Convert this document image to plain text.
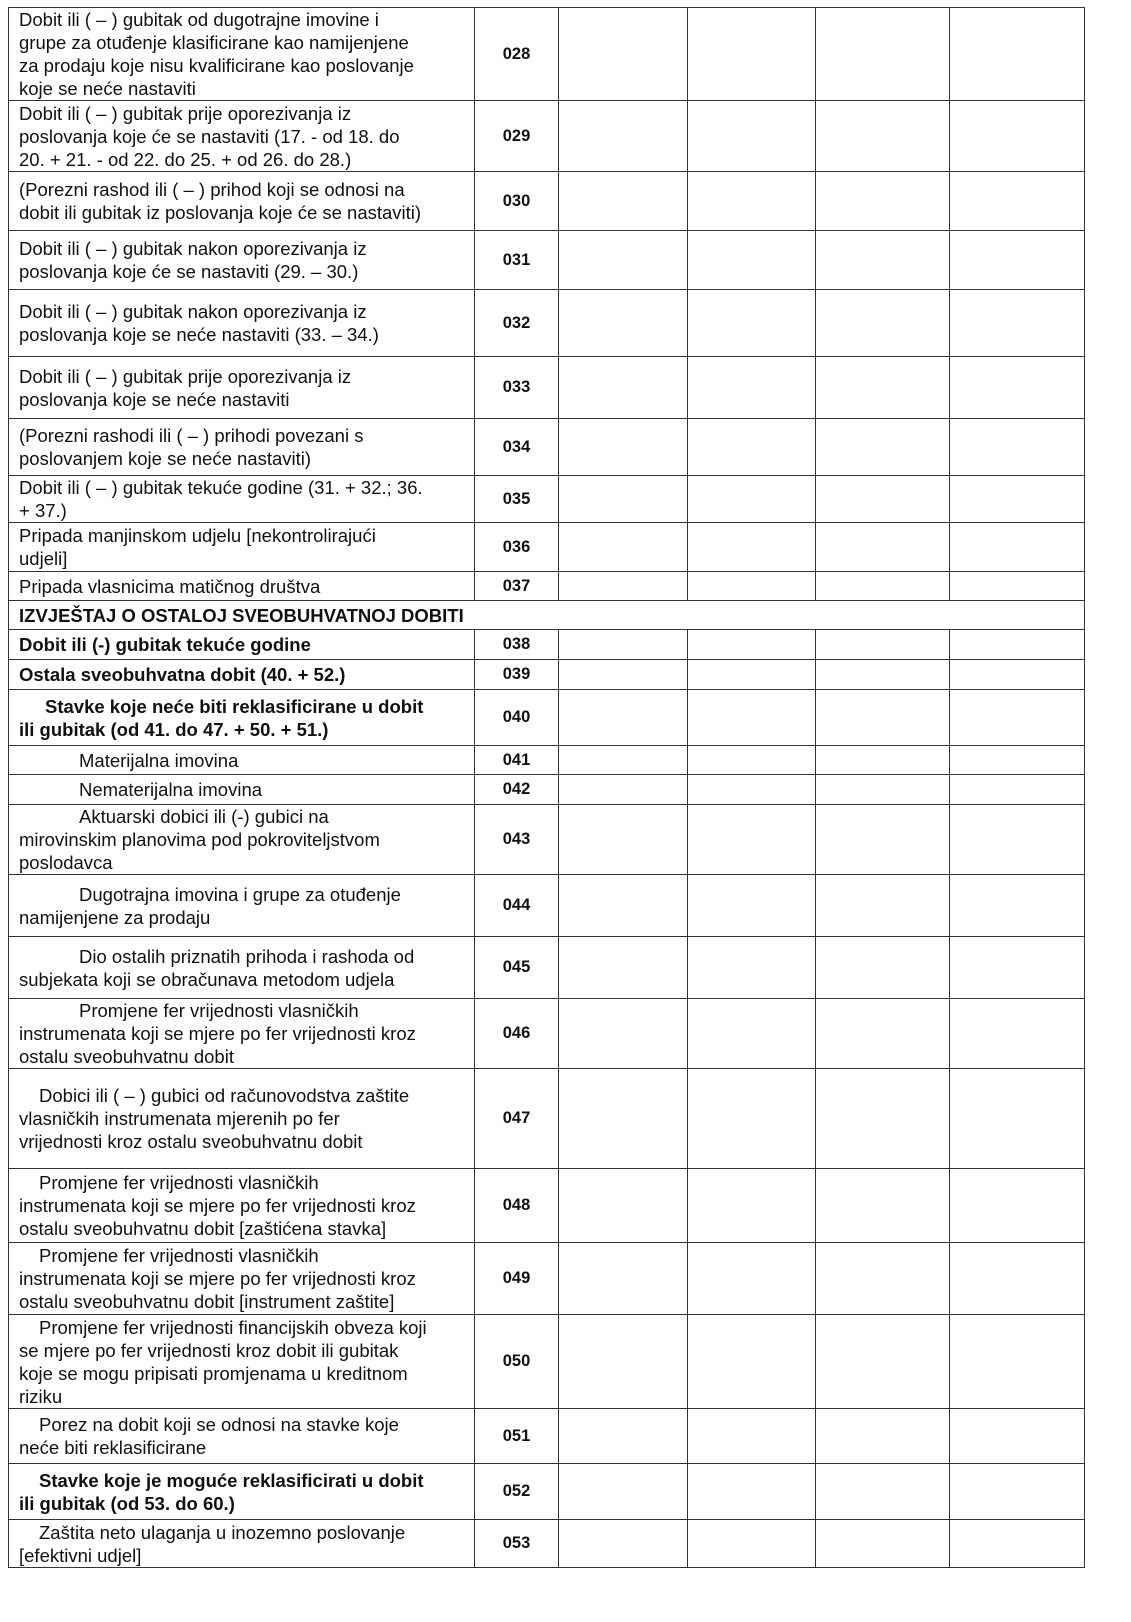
Dobit ili ( – ) gubitak od dugotrajne imovine i
grupe za otuđenje klasificirane kao namijenjene
za prodaju koje nisu kvalificirane kao poslovanje
koje se neće nastaviti	028				
Dobit ili ( – ) gubitak prije oporezivanja iz
poslovanja koje će se nastaviti (17. - od 18. do
20. + 21. - od 22. do 25. + od 26. do 28.)	029				
(Porezni rashod ili ( – ) prihod koji se odnosi na
dobit ili gubitak iz poslovanja koje će se nastaviti)	030				
Dobit ili ( – ) gubitak nakon oporezivanja iz
poslovanja koje će se nastaviti (29. – 30.)	031				
Dobit ili ( – ) gubitak nakon oporezivanja iz
poslovanja koje se neće nastaviti (33. – 34.)	032				
Dobit ili ( – ) gubitak prije oporezivanja iz
poslovanja koje se neće nastaviti	033				
(Porezni rashodi ili ( – ) prihodi povezani s
poslovanjem koje se neće nastaviti)	034				
Dobit ili ( – ) gubitak tekuće godine (31. + 32.; 36.
+ 37.)	035				
Pripada manjinskom udjelu [nekontrolirajući
udjeli]	036				
Pripada vlasnicima matičnog društva	037				
IZVJEŠTAJ O OSTALOJ SVEOBUHVATNOJ DOBITI					
Dobit ili (-) gubitak tekuće godine	038				
Ostala sveobuhvatna dobit (40. + 52.)	039				
Stavke koje neće biti reklasificirane u dobit
ili gubitak (od 41. do 47. + 50. + 51.)	040				
Materijalna imovina	041				
Nematerijalna imovina	042				
Aktuarski dobici ili (-) gubici na
mirovinskim planovima pod pokroviteljstvom
poslodavca	043				
Dugotrajna imovina i grupe za otuđenje
namijenjene za prodaju	044				
Dio ostalih priznatih prihoda i rashoda od
subjekata koji se obračunava metodom udjela	045				
Promjene fer vrijednosti vlasničkih
instrumenata koji se mjere po fer vrijednosti kroz
ostalu sveobuhvatnu dobit	046				
Dobici ili ( – ) gubici od računovodstva zaštite
vlasničkih instrumenata mjerenih po fer
vrijednosti kroz ostalu sveobuhvatnu dobit	047				
Promjene fer vrijednosti vlasničkih
instrumenata koji se mjere po fer vrijednosti kroz
ostalu sveobuhvatnu dobit [zaštićena stavka]	048				
Promjene fer vrijednosti vlasničkih
instrumenata koji se mjere po fer vrijednosti kroz
ostalu sveobuhvatnu dobit [instrument zaštite]	049				
Promjene fer vrijednosti financijskih obveza koji
se mjere po fer vrijednosti kroz dobit ili gubitak
koje se mogu pripisati promjenama u kreditnom
riziku	050				
Porez na dobit koji se odnosi na stavke koje
neće biti reklasificirane	051				
Stavke koje je moguće reklasificirati u dobit
ili gubitak (od 53. do 60.)	052				
Zaštita neto ulaganja u inozemno poslovanje
[efektivni udjel]	053				
